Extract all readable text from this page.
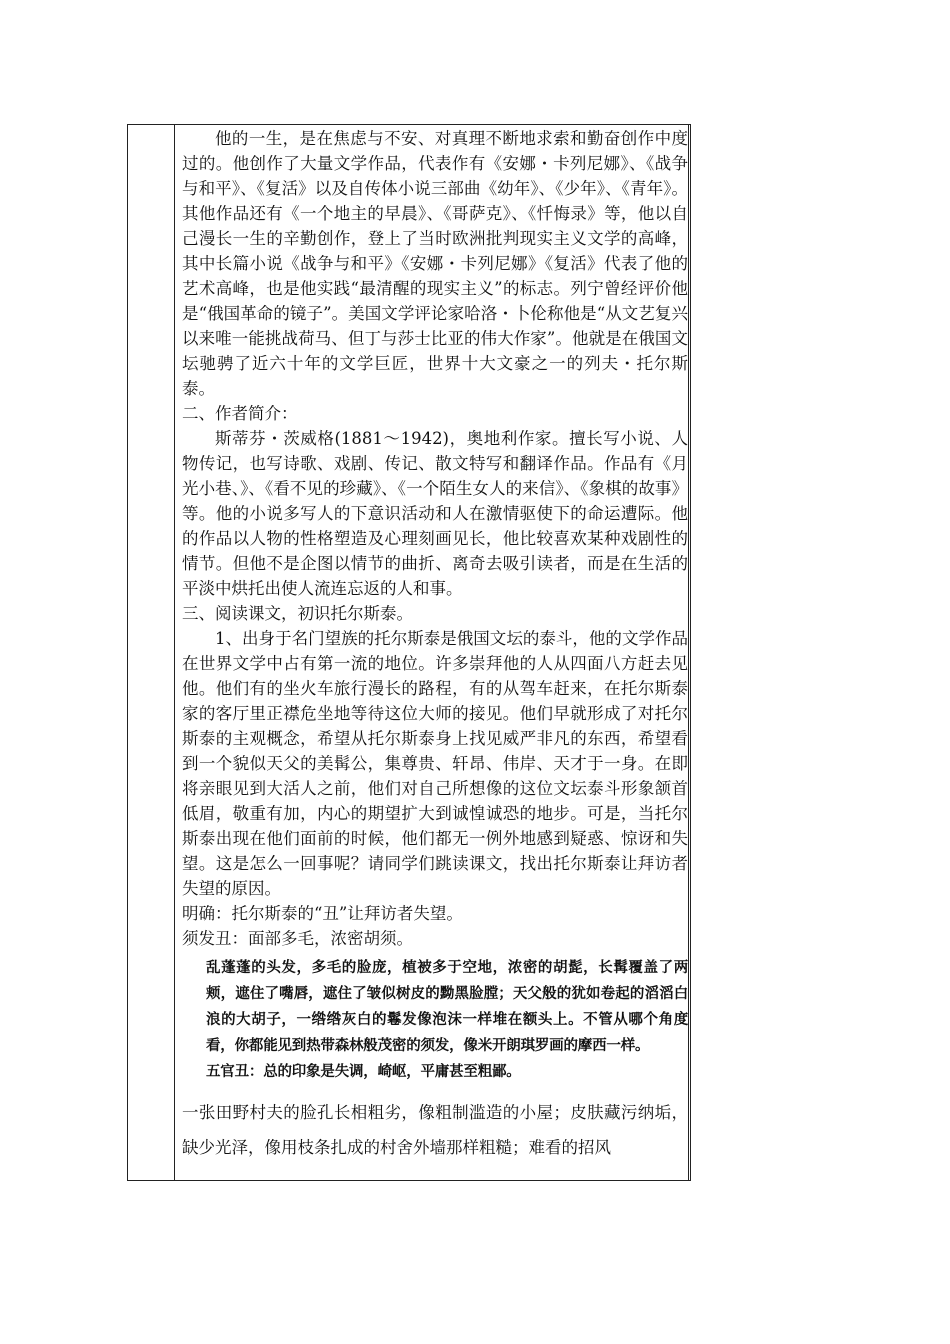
他的一生，是在焦虑与不安、对真理不断地求索和勤奋创作中度过的。他创作了大量文学作品，代表作有《安娜・卡列尼娜》、《战争与和平》、《复活》以及自传体小说三部曲《幼年》、《少年》、《青年》。其他作品还有《一个地主的早晨》、《哥萨克》、《忏悔录》等，他以自己漫长一生的辛勤创作，登上了当时欧洲批判现实主义文学的高峰，其中长篇小说《战争与和平》《安娜・卡列尼娜》《复活》代表了他的艺术高峰，也是他实践“最清醒的现实主义”的标志。列宁曾经评价他是“俄国革命的镜子”。美国文学评论家哈洛・卜伦称他是“从文艺复兴以来唯一能挑战荷马、但丁与莎士比亚的伟大作家”。他就是在俄国文坛驰骋了近六十年的文学巨匠，世界十大文豪之一的列夫・托尔斯泰。

二、作者简介：

斯蒂芬・茨威格(1881～1942)，奥地利作家。擅长写小说、人物传记，也写诗歌、戏剧、传记、散文特写和翻译作品。作品有《月光小巷、》、《看不见的珍藏》、《一个陌生女人的来信》、《象棋的故事》等。他的小说多写人的下意识活动和人在激情驱使下的命运遭际。他的作品以人物的性格塑造及心理刻画见长，他比较喜欢某种戏剧性的情节。但他不是企图以情节的曲折、离奇去吸引读者，而是在生活的平淡中烘托出使人流连忘返的人和事。

三、阅读课文，初识托尔斯泰。

1、出身于名门望族的托尔斯泰是俄国文坛的泰斗，他的文学作品在世界文学中占有第一流的地位。许多崇拜他的人从四面八方赶去见他。他们有的坐火车旅行漫长的路程，有的从驾车赶来，在托尔斯泰家的客厅里正襟危坐地等待这位大师的接见。他们早就形成了对托尔斯泰的主观概念，希望从托尔斯泰身上找见威严非凡的东西，希望看到一个貌似天父的美髯公，集尊贵、轩昂、伟岸、天才于一身。在即将亲眼见到大活人之前，他们对自己所想像的这位文坛泰斗形象颔首低眉，敬重有加，内心的期望扩大到诚惶诚恐的地步。可是，当托尔斯泰出现在他们面前的时候，他们都无一例外地感到疑惑、惊讶和失望。这是怎么一回事呢？请同学们跳读课文，找出托尔斯泰让拜访者失望的原因。

明确：托尔斯泰的“丑”让拜访者失望。

须发丑：面部多毛，浓密胡须。

乱蓬蓬的头发，多毛的脸庞，植被多于空地，浓密的胡髭，长髯覆盖了两颊，遮住了嘴唇，遮住了皱似树皮的黝黑脸膛；天父般的犹如卷起的滔滔白浪的大胡子，一绺绺灰白的鬈发像泡沫一样堆在额头上。不管从哪个角度看，你都能见到热带森林般茂密的须发，像米开朗琪罗画的摩西一样。

五官丑：总的印象是失调，崎岖，平庸甚至粗鄙。

一张田野村夫的脸孔长相粗劣，像粗制滥造的小屋；皮肤藏污纳垢，缺少光泽，像用枝条扎成的村舍外墙那样粗糙；难看的招风
